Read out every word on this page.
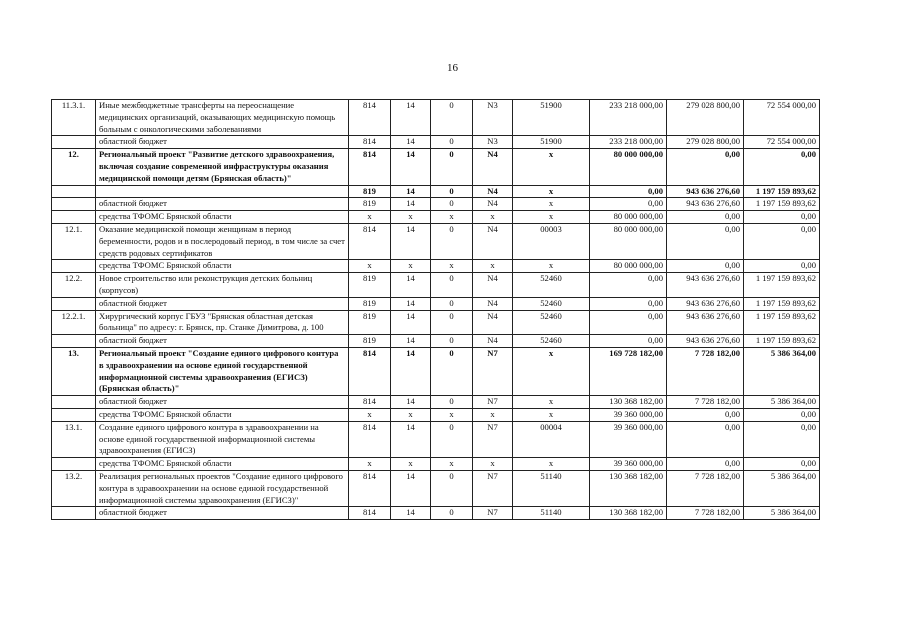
16
11.3.1.	Иные межбюджетные трансферты на переоснащение медицинских организаций, оказывающих медицинскую помощь больным с онкологическими заболеваниями	814	14	0	N3	51900	233 218 000,00	279 028 800,00	72 554 000,00
	областной бюджет	814	14	0	N3	51900	233 218 000,00	279 028 800,00	72 554 000,00
12.	Региональный проект "Развитие детского здравоохранения, включая создание современной инфраструктуры оказания медицинской помощи детям (Брянская область)"	814	14	0	N4	x	80 000 000,00	0,00	0,00
		819	14	0	N4	x	0,00	943 636 276,60	1 197 159 893,62
	областной бюджет	819	14	0	N4	x	0,00	943 636 276,60	1 197 159 893,62
	средства ТФОМС Брянской области	x	x	x	x	x	80 000 000,00	0,00	0,00
12.1.	Оказание медицинской помощи женщинам в период беременности, родов и в послеродовый период, в том числе за счет средств родовых сертификатов	814	14	0	N4	00003	80 000 000,00	0,00	0,00
	средства ТФОМС Брянской области	x	x	x	x	x	80 000 000,00	0,00	0,00
12.2.	Новое строительство или реконструкция детских больниц (корпусов)	819	14	0	N4	52460	0,00	943 636 276,60	1 197 159 893,62
	областной бюджет	819	14	0	N4	52460	0,00	943 636 276,60	1 197 159 893,62
12.2.1.	Хирургический корпус ГБУЗ "Брянская областная детская больница" по адресу: г. Брянск, пр. Станке Димитрова, д. 100	819	14	0	N4	52460	0,00	943 636 276,60	1 197 159 893,62
	областной бюджет	819	14	0	N4	52460	0,00	943 636 276,60	1 197 159 893,62
13.	Региональный проект "Создание единого цифрового контура в здравоохранении на основе единой государственной информационной системы здравоохранения (ЕГИСЗ) (Брянская область)"	814	14	0	N7	x	169 728 182,00	7 728 182,00	5 386 364,00
	областной бюджет	814	14	0	N7	x	130 368 182,00	7 728 182,00	5 386 364,00
	средства ТФОМС Брянской области	x	x	x	x	x	39 360 000,00	0,00	0,00
13.1.	Создание единого цифрового контура в здравоохранении на основе единой государственной информационной системы здравоохранения (ЕГИСЗ)	814	14	0	N7	00004	39 360 000,00	0,00	0,00
	средства ТФОМС Брянской области	x	x	x	x	x	39 360 000,00	0,00	0,00
13.2.	Реализация региональных проектов "Создание единого цифрового контура в здравоохранении на основе единой государственной информационной системы здравоохранения (ЕГИСЗ)"	814	14	0	N7	51140	130 368 182,00	7 728 182,00	5 386 364,00
	областной бюджет	814	14	0	N7	51140	130 368 182,00	7 728 182,00	5 386 364,00
